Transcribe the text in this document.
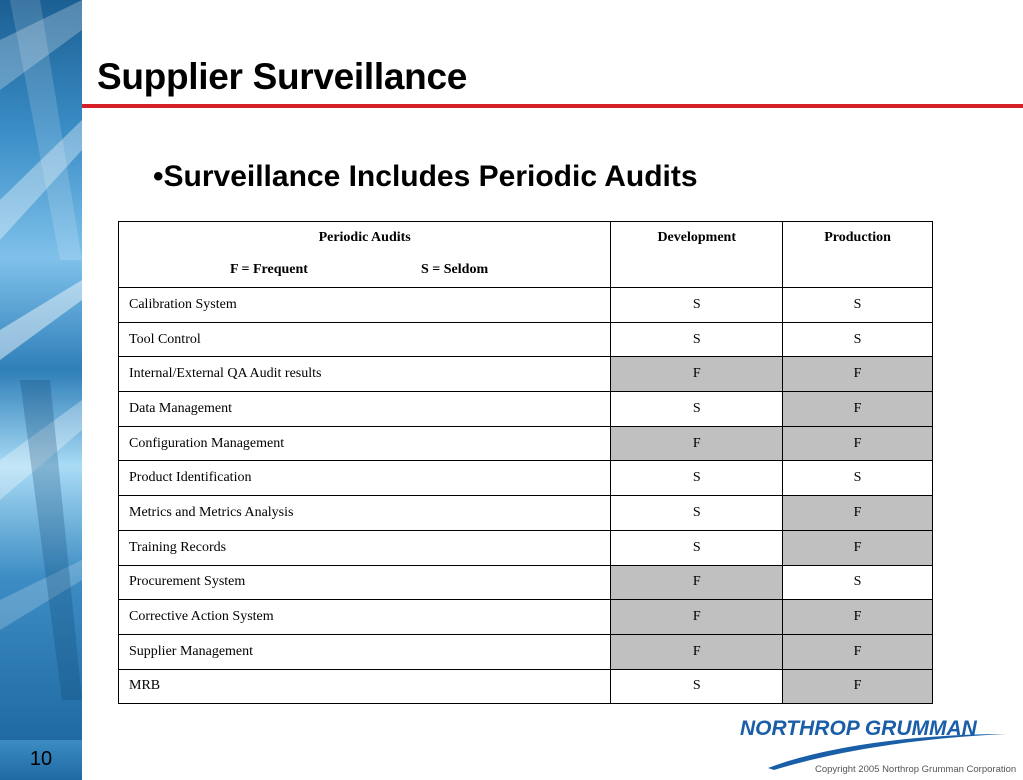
10
Supplier Surveillance
•Surveillance Includes Periodic Audits
Periodic Audits
F = Frequent S = Seldom	Development	Production
Calibration System	S	S
Tool Control	S	S
Internal/External QA Audit results	F	F
Data Management	S	F
Configuration Management	F	F
Product Identification	S	S
Metrics and Metrics Analysis	S	F
Training Records	S	F
Procurement System	F	S
Corrective Action System	F	F
Supplier Management	F	F
MRB	S	F
NORTHROP GRUMMAN
Copyright 2005 Northrop Grumman Corporation
